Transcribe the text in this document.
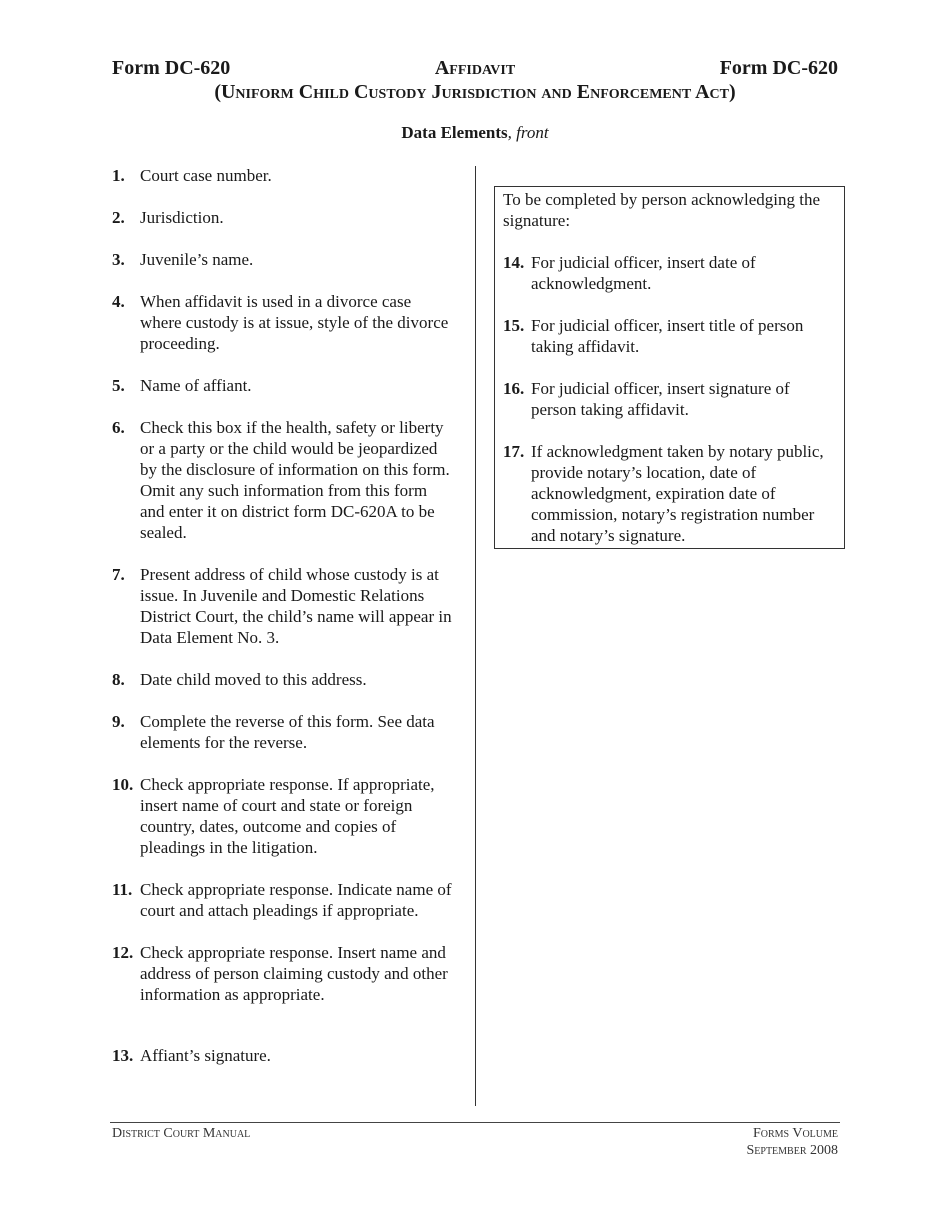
Affidavit
Form DC-620	Form DC-620
(Uniform Child Custody Jurisdiction and Enforcement Act)
Data Elements, front
1. Court case number.
2. Jurisdiction.
3. Juvenile’s name.
4. When affidavit is used in a divorce case where custody is at issue, style of the divorce proceeding.
5. Name of affiant.
6. Check this box if the health, safety or liberty or a party or the child would be jeopardized by the disclosure of information on this form. Omit any such information from this form and enter it on district form DC-620A to be sealed.
7. Present address of child whose custody is at issue. In Juvenile and Domestic Relations District Court, the child’s name will appear in Data Element No. 3.
8. Date child moved to this address.
9. Complete the reverse of this form. See data elements for the reverse.
10. Check appropriate response. If appropriate, insert name of court and state or foreign country, dates, outcome and copies of pleadings in the litigation.
11. Check appropriate response. Indicate name of court and attach pleadings if appropriate.
12. Check appropriate response. Insert name and address of person claiming custody and other information as appropriate.
13. Affiant’s signature.
To be completed by person acknowledging the signature:
14. For judicial officer, insert date of acknowledgment.
15. For judicial officer, insert title of person taking affidavit.
16. For judicial officer, insert signature of person taking affidavit.
17. If acknowledgment taken by notary public, provide notary’s location, date of acknowledgment, expiration date of commission, notary’s registration number and notary’s signature.
District Court Manual	Forms Volume
September 2008
